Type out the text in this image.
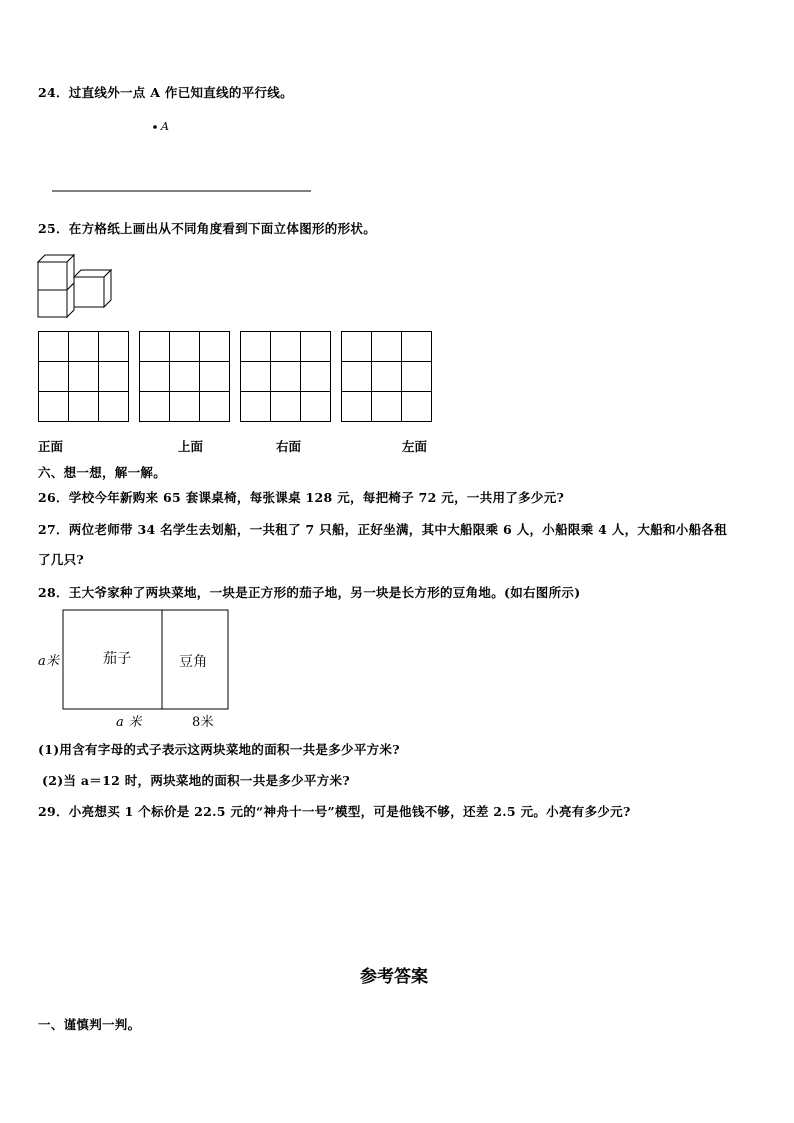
24．过直线外一点 A 作已知直线的平行线。
A
25．在方格纸上画出从不同角度看到下面立体图形的形状。

正面	上面	右面	左面
六、想一想，解一解。
26．学校今年新购来 65 套课桌椅，每张课桌 128 元，每把椅子 72 元，一共用了多少元?
27．两位老师带 34 名学生去划船，一共租了 7 只船，正好坐满，其中大船限乘 6 人，小船限乘 4 人，大船和小船各租
了几只?
28．王大爷家种了两块菜地，一块是正方形的茄子地，另一块是长方形的豆角地。(如右图所示)
茄子	豆角
a米
a 米	8米
(1)用含有字母的式子表示这两块菜地的面积一共是多少平方米?
(2)当 a＝12 时，两块菜地的面积一共是多少平方米?
29．小亮想买 1 个标价是 22.5 元的“神舟十一号”模型，可是他钱不够，还差 2.5 元。小亮有多少元?
参考答案
一、谨慎判一判。
